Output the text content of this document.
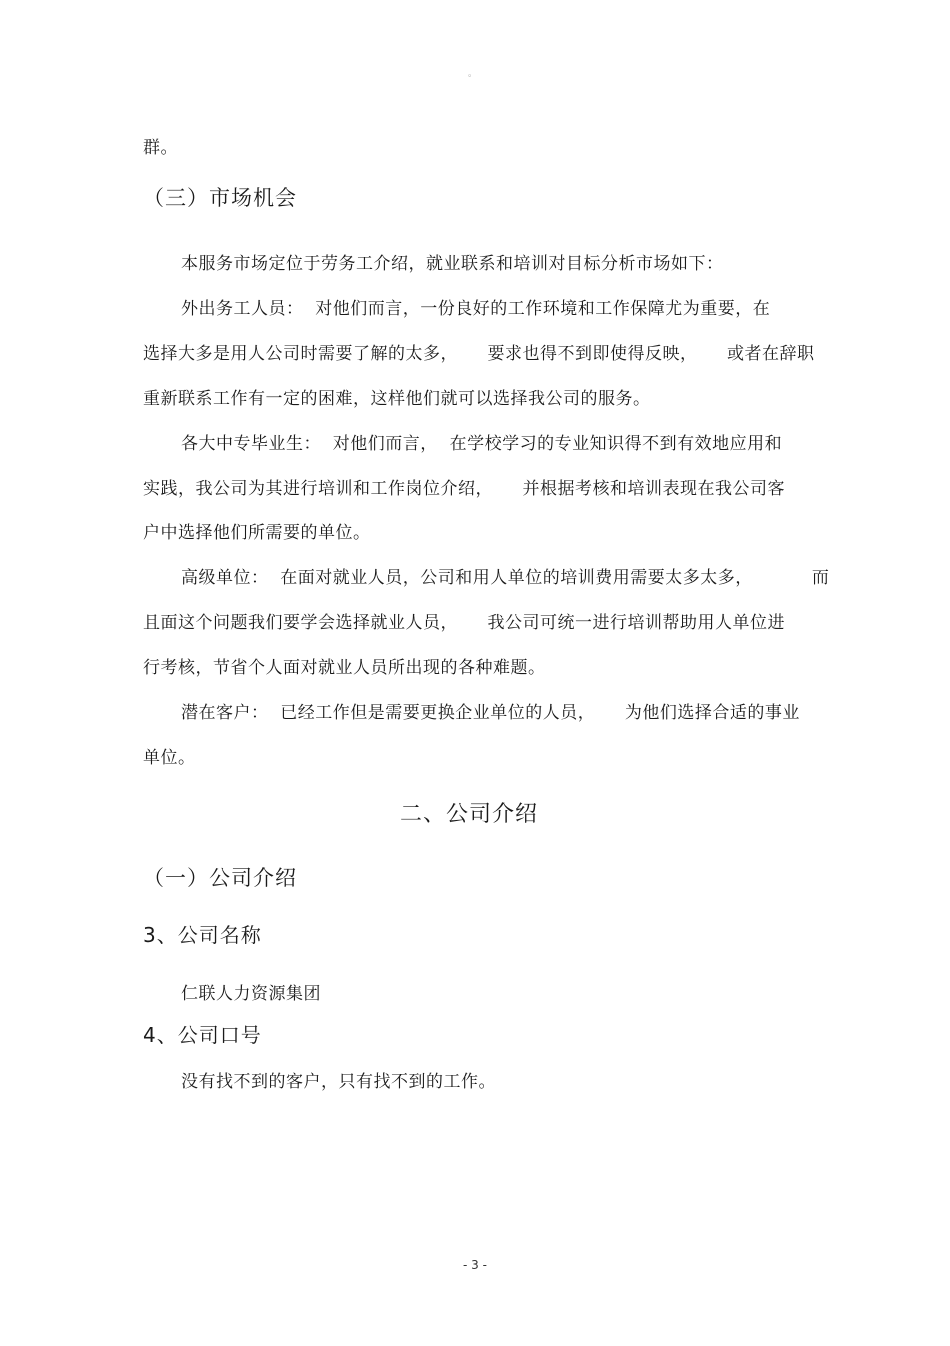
。
群。
（三）市场机会
本服务市场定位于劳务工介绍，就业联系和培训对目标分析市场如下：
外出务工人员：  对他们而言，一份良好的工作环境和工作保障尤为重要，在
选择大多是用人公司时需要了解的太多，     要求也得不到即使得反映，     或者在辞职
重新联系工作有一定的困难，这样他们就可以选择我公司的服务。
各大中专毕业生：  对他们而言，  在学校学习的专业知识得不到有效地应用和
实践，我公司为其进行培训和工作岗位介绍，     并根据考核和培训表现在我公司客
户中选择他们所需要的单位。
高级单位：  在面对就业人员，公司和用人单位的培训费用需要太多太多，          而
且面这个问题我们要学会选择就业人员，     我公司可统一进行培训帮助用人单位进
行考核，节省个人面对就业人员所出现的各种难题。
潜在客户：  已经工作但是需要更换企业单位的人员，     为他们选择合适的事业
单位。
二、公司介绍
（一）公司介绍
3、公司名称
仁联人力资源集团
4、公司口号
没有找不到的客户，只有找不到的工作。
- 3 -
